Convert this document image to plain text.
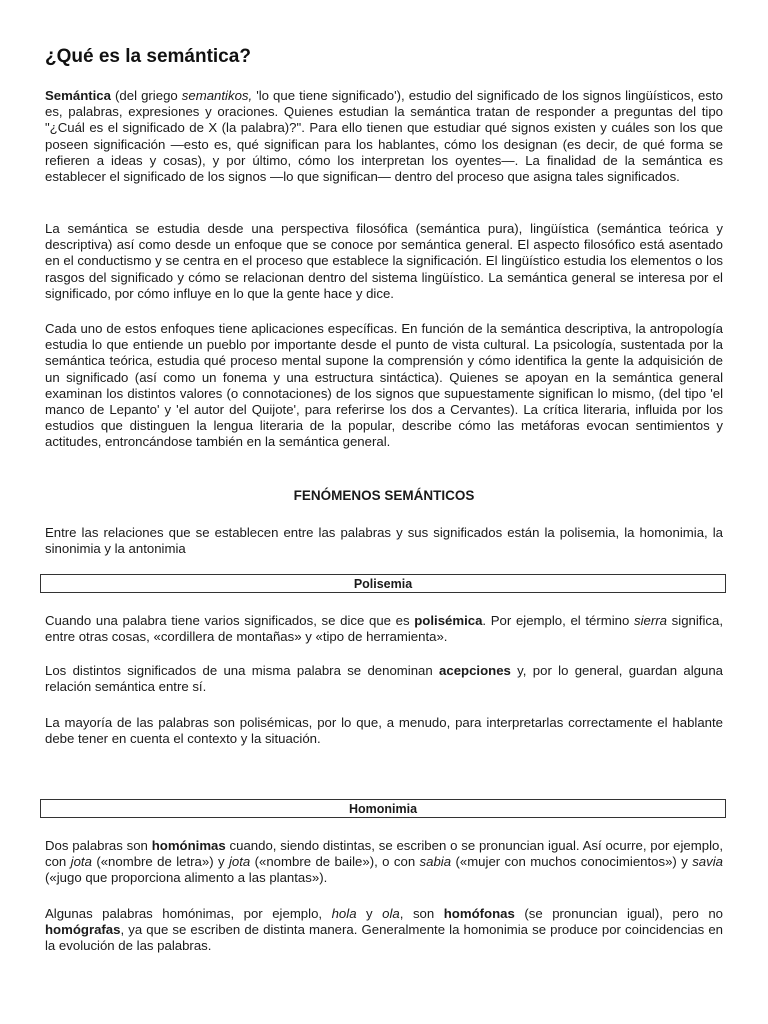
¿Qué es la semántica?

Semántica (del griego semantikos, 'lo que tiene significado'), estudio del significado de los signos lingüísticos, esto es, palabras, expresiones y oraciones. Quienes estudian la semántica tratan de responder a preguntas del tipo "¿Cuál es el significado de X (la palabra)?". Para ello tienen que estudiar qué signos existen y cuáles son los que poseen significación —esto es, qué significan para los hablantes, cómo los designan (es decir, de qué forma se refieren a ideas y cosas), y por último, cómo los interpretan los oyentes—. La finalidad de la semántica es establecer el significado de los signos —lo que significan— dentro del proceso que asigna tales significados.

La semántica se estudia desde una perspectiva filosófica (semántica pura), lingüística (semántica teórica y descriptiva) así como desde un enfoque que se conoce por semántica general. El aspecto filosófico está asentado en el conductismo y se centra en el proceso que establece la significación. El lingüístico estudia los elementos o los rasgos del significado y cómo se relacionan dentro del sistema lingüístico. La semántica general se interesa por el significado, por cómo influye en lo que la gente hace y dice.

Cada uno de estos enfoques tiene aplicaciones específicas. En función de la semántica descriptiva, la antropología estudia lo que entiende un pueblo por importante desde el punto de vista cultural. La psicología, sustentada por la semántica teórica, estudia qué proceso mental supone la comprensión y cómo identifica la gente la adquisición de un significado (así como un fonema y una estructura sintáctica). Quienes se apoyan en la semántica general examinan los distintos valores (o connotaciones) de los signos que supuestamente significan lo mismo, (del tipo 'el manco de Lepanto' y 'el autor del Quijote', para referirse los dos a Cervantes). La crítica literaria, influida por los estudios que distinguen la lengua literaria de la popular, describe cómo las metáforas evocan sentimientos y actitudes, entroncándose también en la semántica general.

FENÓMENOS SEMÁNTICOS

Entre las relaciones que se establecen entre las palabras y sus significados están la polisemia, la homonimia, la sinonimia y la antonimia

Polisemia

Cuando una palabra tiene varios significados, se dice que es polisémica. Por ejemplo, el término sierra significa, entre otras cosas, «cordillera de montañas» y «tipo de herramienta».

Los distintos significados de una misma palabra se denominan acepciones y, por lo general, guardan alguna relación semántica entre sí.

La mayoría de las palabras son polisémicas, por lo que, a menudo, para interpretarlas correctamente el hablante debe tener en cuenta el contexto y la situación.

Homonimia

Dos palabras son homónimas cuando, siendo distintas, se escriben o se pronuncian igual. Así ocurre, por ejemplo, con jota («nombre de letra») y jota («nombre de baile»), o con sabia («mujer con muchos conocimientos») y savia («jugo que proporciona alimento a las plantas»).

Algunas palabras homónimas, por ejemplo, hola y ola, son homófonas (se pronuncian igual), pero no homógrafas, ya que se escriben de distinta manera. Generalmente la homonimia se produce por coincidencias en la evolución de las palabras.
